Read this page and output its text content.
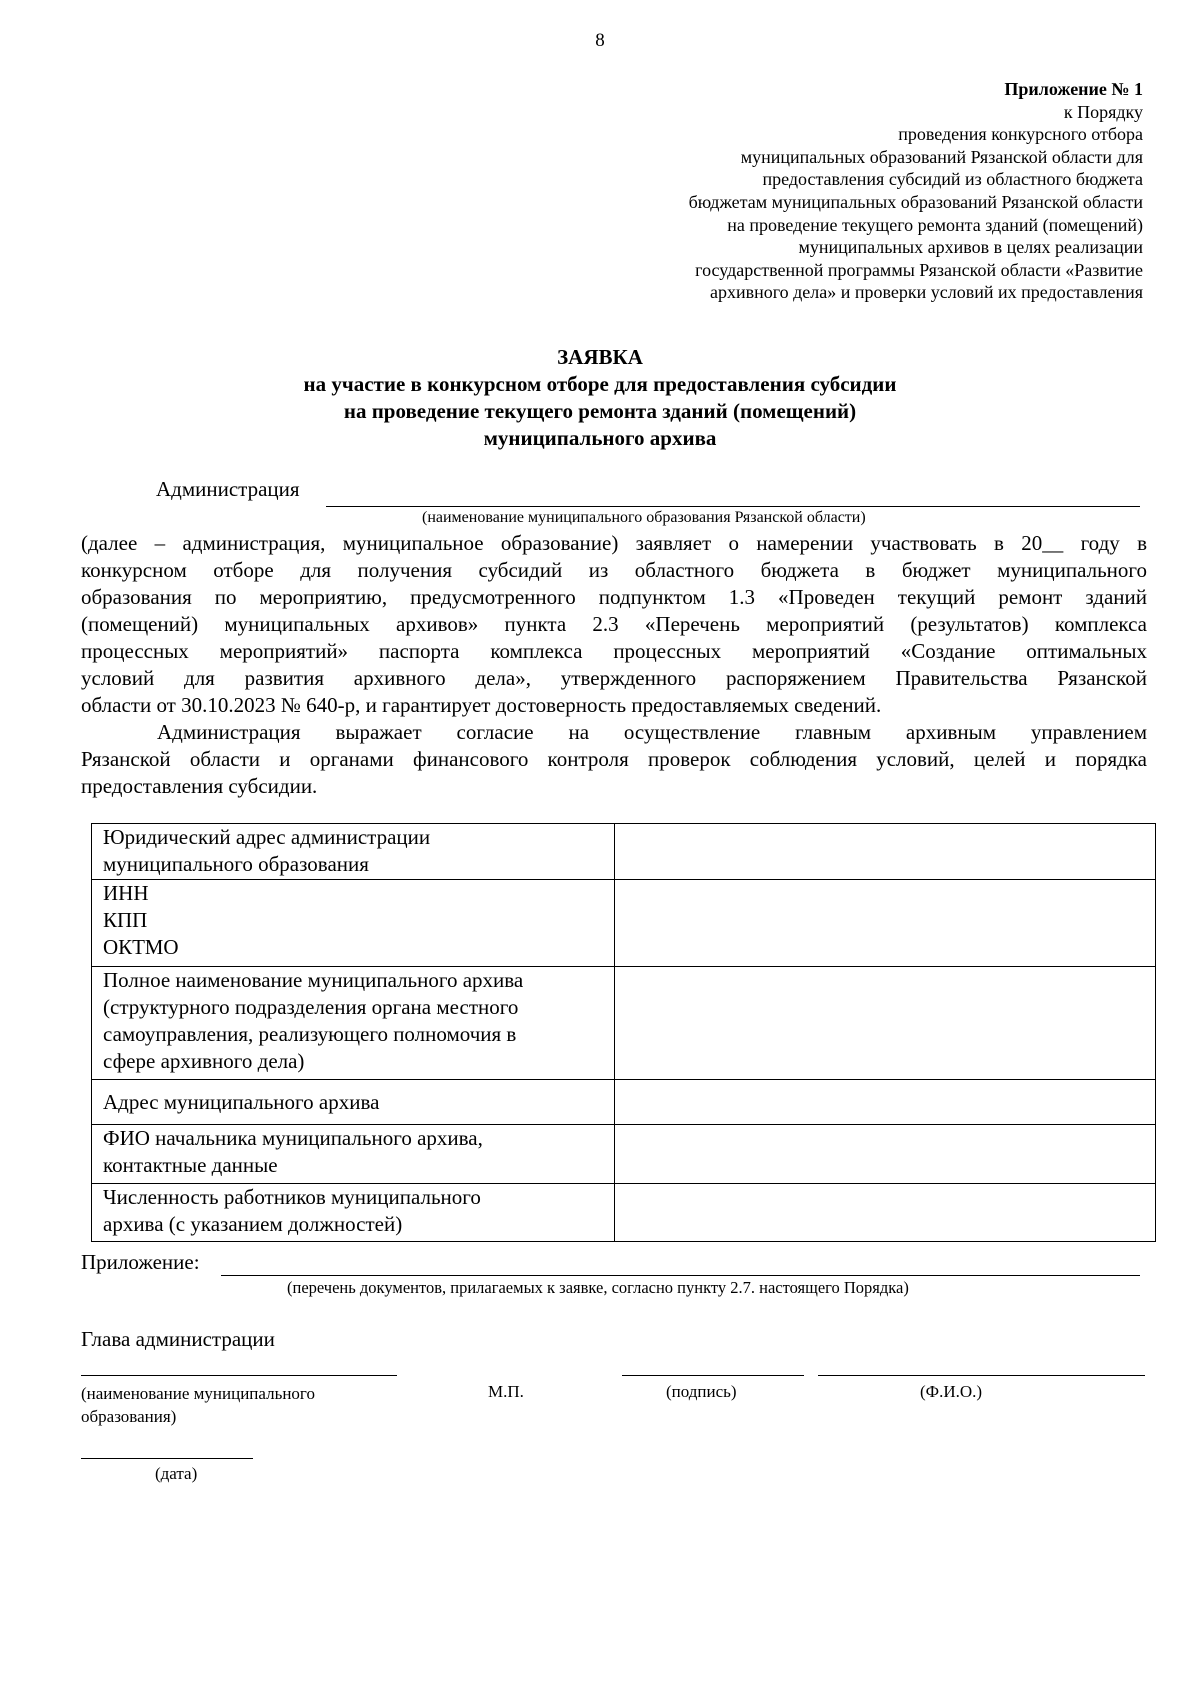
8
Приложение № 1
к Порядку
проведения конкурсного отбора
муниципальных образований Рязанской области для
предоставления субсидий из областного бюджета
бюджетам муниципальных образований Рязанской области
на проведение текущего ремонта зданий (помещений)
муниципальных архивов в целях реализации
государственной программы Рязанской области «Развитие
архивного дела» и проверки условий их предоставления
ЗАЯВКА
на участие в конкурсном отборе для предоставления субсидии
на проведение текущего ремонта зданий (помещений)
муниципального архива
Администрация
(наименование муниципального образования Рязанской области)
(далее – администрация, муниципальное образование) заявляет о намерении участвовать в 20__ году в
конкурсном отборе для получения субсидий из областного бюджета в бюджет муниципального
образования по мероприятию, предусмотренного подпунктом 1.3 «Проведен текущий ремонт зданий
(помещений) муниципальных архивов» пункта 2.3 «Перечень мероприятий (результатов) комплекса
процессных мероприятий» паспорта комплекса процессных мероприятий «Создание оптимальных
условий для развития архивного дела», утвержденного распоряжением Правительства Рязанской
области от 30.10.2023 № 640-р, и гарантирует достоверность предоставляемых сведений.
Администрация выражает согласие на осуществление главным архивным управлением
Рязанской области и органами финансового контроля проверок соблюдения условий, целей и порядка
предоставления субсидии.
Юридический адрес администрации
муниципального образования	

ИНН
КПП
ОКТМО	

Полное наименование муниципального архива
(структурного подразделения органа местного
самоуправления, реализующего полномочия в
сфере архивного дела)	

Адрес муниципального архива	

ФИО начальника муниципального архива,
контактные данные	

Численность работников муниципального
архива (с указанием должностей)	

Приложение:
(перечень документов, прилагаемых к заявке, согласно пункту 2.7. настоящего Порядка)
Глава администрации
(наименование муниципального
образования)
М.П.	(подпись)	(Ф.И.О.)
(дата)
